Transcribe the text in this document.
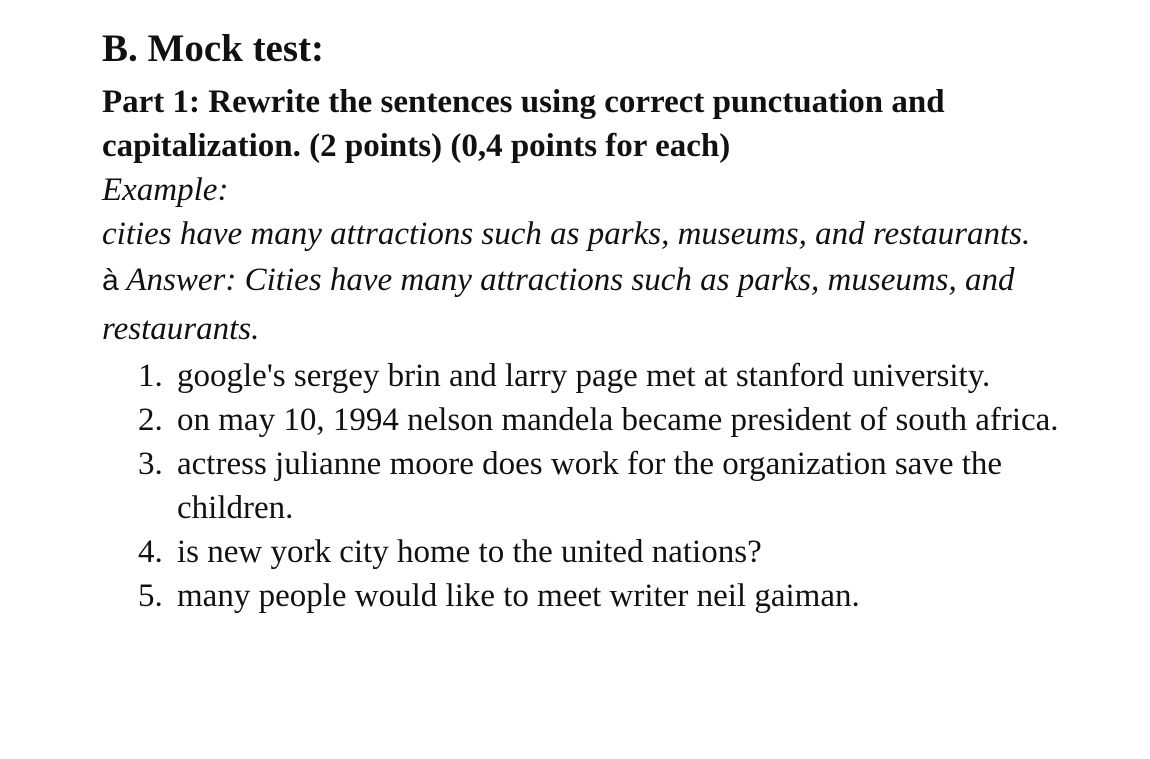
B. Mock test:

Part 1: Rewrite the sentences using correct punctuation and capitalization. (2 points) (0,4 points for each)

Example:

cities have many attractions such as parks, museums, and restaurants.

à Answer: Cities have many attractions such as parks, museums, and restaurants.

1. google's sergey brin and larry page met at stanford university.
2. on may 10, 1994 nelson mandela became president of south africa.
3. actress julianne moore does work for the organization save the children.
4. is new york city home to the united nations?
5. many people would like to meet writer neil gaiman.
